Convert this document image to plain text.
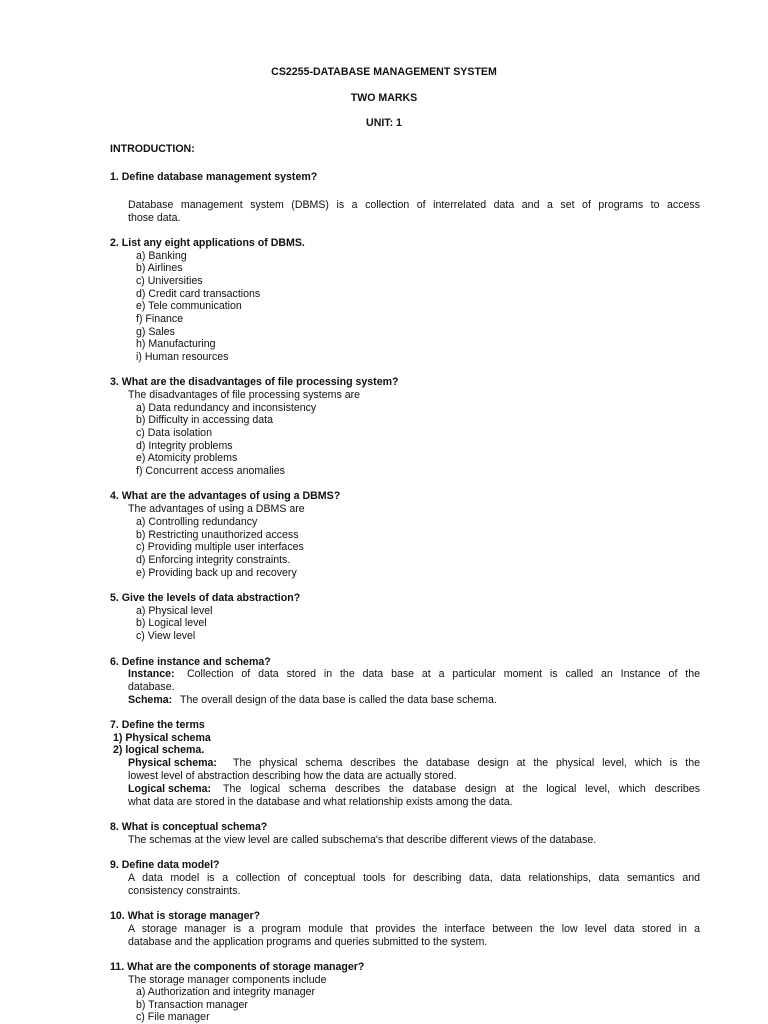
CS2255-DATABASE MANAGEMENT SYSTEM
TWO MARKS
UNIT: 1
INTRODUCTION:
1. Define database management system?
Database management system (DBMS) is a collection of interrelated data and a set of programs to access
those data.
2. List any eight applications of DBMS.
a) Banking
b) Airlines
c) Universities
d) Credit card transactions
e) Tele communication
f) Finance
g) Sales
h) Manufacturing
i) Human resources
3. What are the disadvantages of file processing system?
The disadvantages of file processing systems are
a) Data redundancy and inconsistency
b) Difficulty in accessing data
c) Data isolation
d) Integrity problems
e) Atomicity problems
f) Concurrent access anomalies
4. What are the advantages of using a DBMS?
The advantages of using a DBMS are
a) Controlling redundancy
b) Restricting unauthorized access
c) Providing multiple user interfaces
d) Enforcing integrity constraints.
e) Providing back up and recovery
5. Give the levels of data abstraction?
a) Physical level
b) Logical level
c) View level
6. Define instance and schema?
Instance: Collection of data stored in the data base at a particular moment is called an Instance of the
database.
Schema: The overall design of the data base is called the data base schema.
7. Define the terms
1) Physical schema
2) logical schema.
Physical schema: The physical schema describes the database design at the physical level, which is the
lowest level of abstraction describing how the data are actually stored.
Logical schema: The logical schema describes the database design at the logical level, which describes
what data are stored in the database and what relationship exists among the data.
8. What is conceptual schema?
The schemas at the view level are called subschema's that describe different views of the database.
9. Define data model?
A data model is a collection of conceptual tools for describing data, data relationships, data semantics and
consistency constraints.
10. What is storage manager?
A storage manager is a program module that provides the interface between the low level data stored in a
database and the application programs and queries submitted to the system.
11. What are the components of storage manager?
The storage manager components include
a) Authorization and integrity manager
b) Transaction manager
c) File manager
